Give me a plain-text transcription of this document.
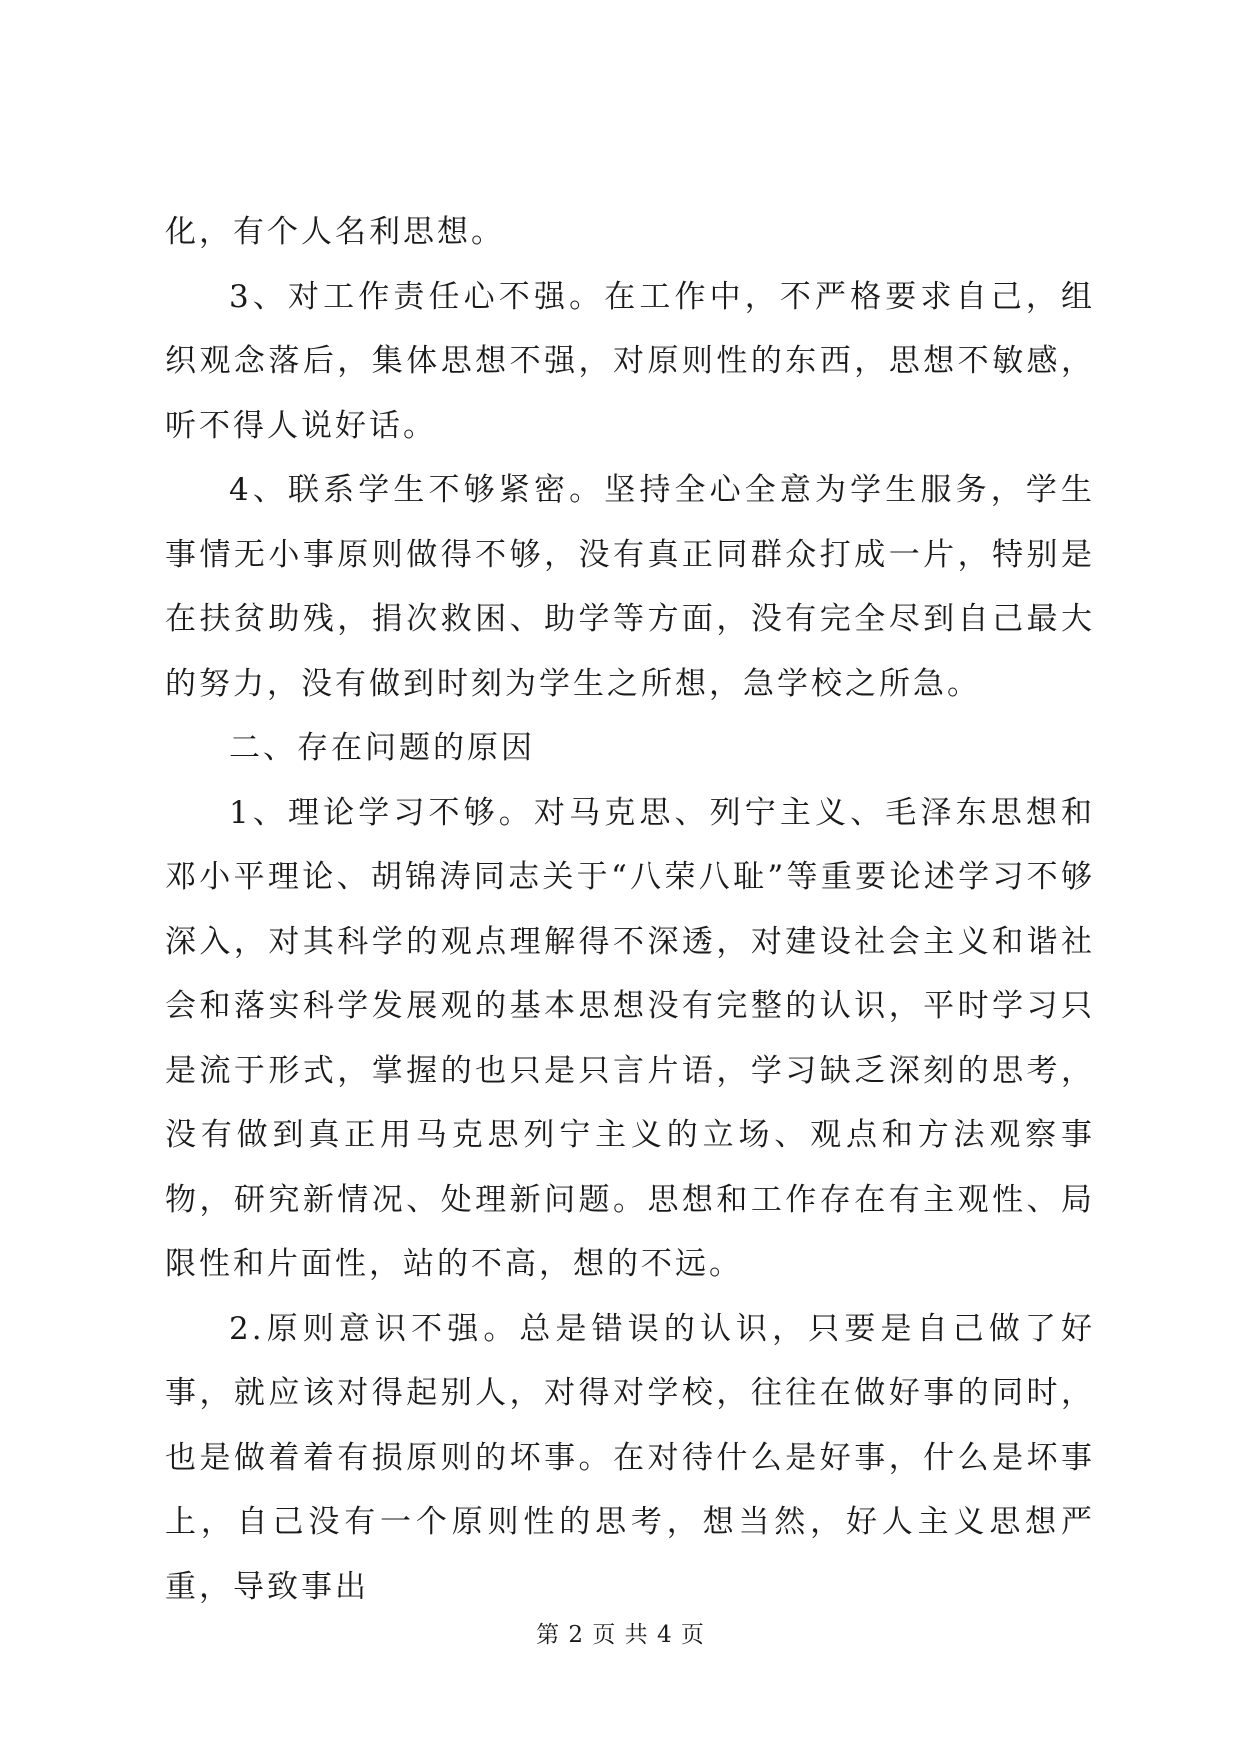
化，有个人名利思想。

3、对工作责任心不强。在工作中，不严格要求自己，组织观念落后，集体思想不强，对原则性的东西，思想不敏感，听不得人说好话。

4、联系学生不够紧密。坚持全心全意为学生服务，学生事情无小事原则做得不够，没有真正同群众打成一片，特别是在扶贫助残，捐次救困、助学等方面，没有完全尽到自己最大的努力，没有做到时刻为学生之所想，急学校之所急。

二、存在问题的原因

1、理论学习不够。对马克思、列宁主义、毛泽东思想和邓小平理论、胡锦涛同志关于“八荣八耻”等重要论述学习不够深入，对其科学的观点理解得不深透，对建设社会主义和谐社会和落实科学发展观的基本思想没有完整的认识，平时学习只是流于形式，掌握的也只是只言片语，学习缺乏深刻的思考，没有做到真正用马克思列宁主义的立场、观点和方法观察事物，研究新情况、处理新问题。思想和工作存在有主观性、局限性和片面性，站的不高，想的不远。

2.原则意识不强。总是错误的认识，只要是自己做了好事，就应该对得起别人，对得对学校，往往在做好事的同时，也是做着着有损原则的坏事。在对待什么是好事，什么是坏事上，自己没有一个原则性的思考，想当然，好人主义思想严重，导致事出

第 2 页 共 4 页
